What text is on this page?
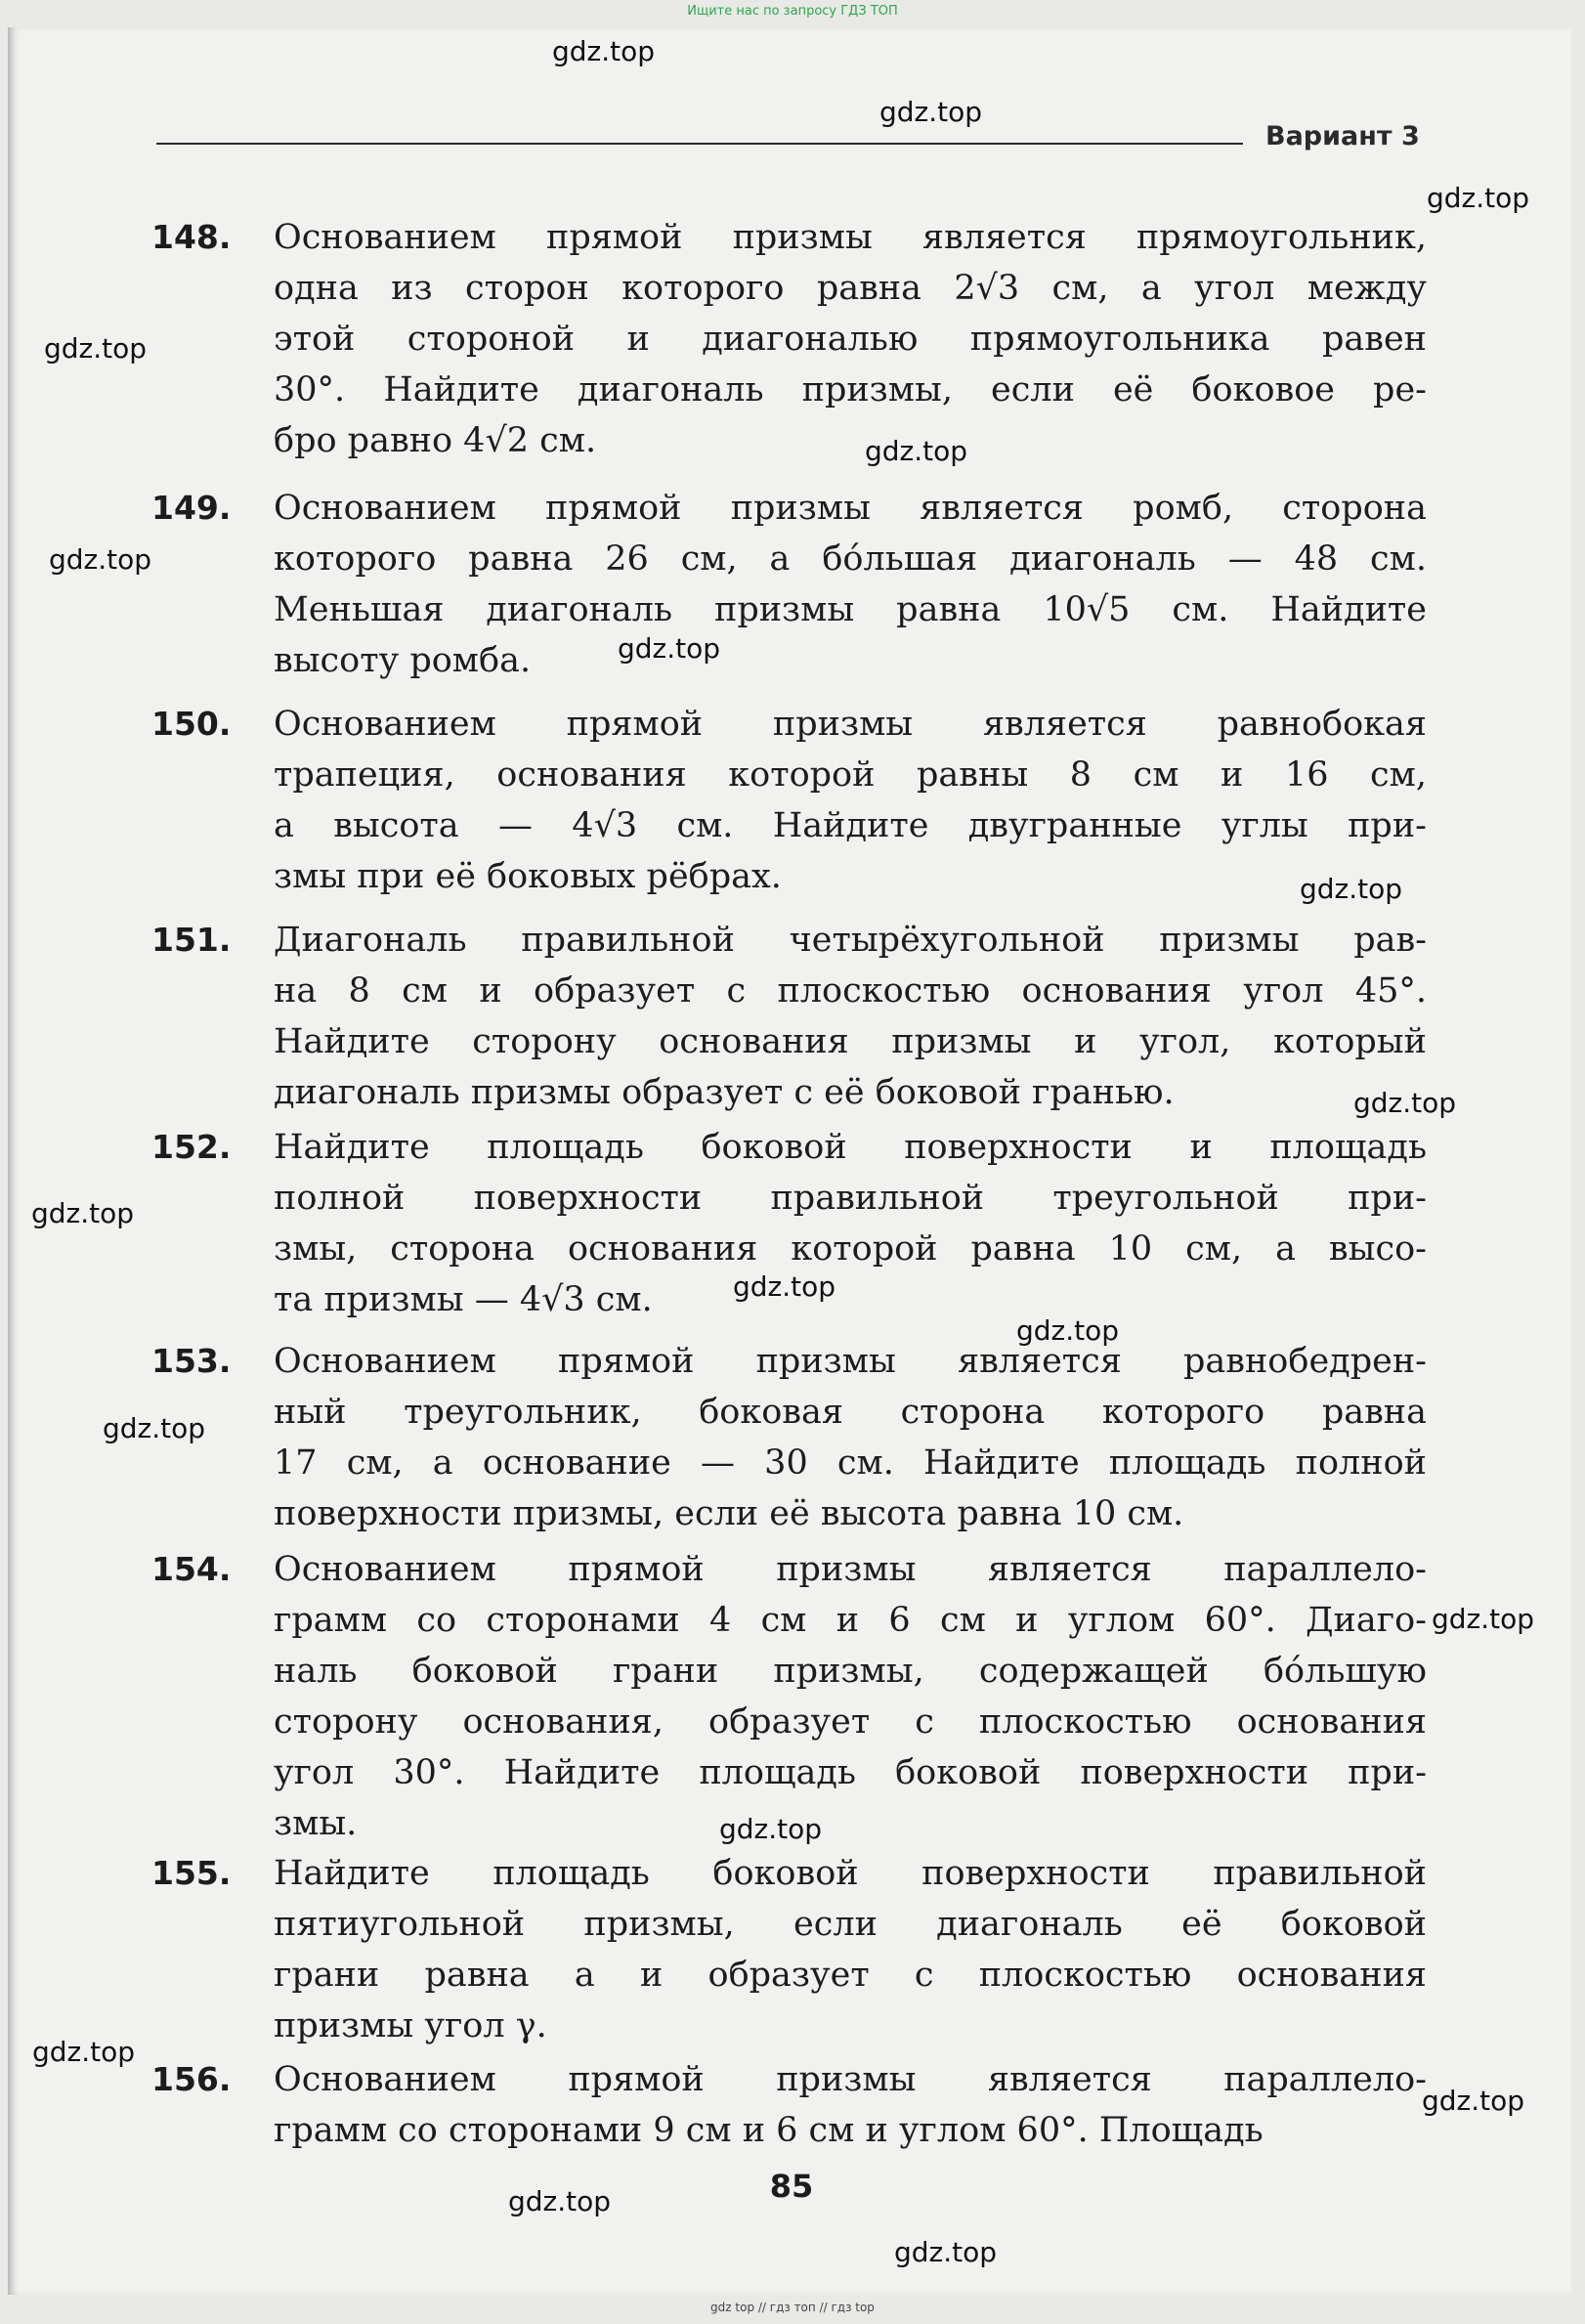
Ищите нас по запросу ГДЗ ТОП
Вариант 3
148.	Основанием прямой призмы является прямоугольник,
одна из сторон которого равна 2√3 см, а угол между
этой стороной и диагональю прямоугольника равен
30°. Найдите диагональ призмы, если её боковое ре-
бро равно 4√2 см.
149.	Основанием прямой призмы является ромб, сторона
которого равна 26 см, а бóльшая диагональ — 48 см.
Меньшая диагональ призмы равна 10√5 см. Найдите
высоту ромба.
150.	Основанием прямой призмы является равнобокая
трапеция, основания которой равны 8 см и 16 см,
а высота — 4√3 см. Найдите двугранные углы при-
змы при её боковых рёбрах.
151.	Диагональ правильной четырёхугольной призмы рав-
на 8 см и образует с плоскостью основания угол 45°.
Найдите сторону основания призмы и угол, который
диагональ призмы образует с её боковой гранью.
152.	Найдите площадь боковой поверхности и площадь
полной поверхности правильной треугольной при-
змы, сторона основания которой равна 10 см, а высо-
та призмы — 4√3 см.
153.	Основанием прямой призмы является равнобедрен-
ный треугольник, боковая сторона которого равна
17 см, а основание — 30 см. Найдите площадь полной
поверхности призмы, если её высота равна 10 см.
154.	Основанием прямой призмы является параллело-
грамм со сторонами 4 см и 6 см и углом 60°. Диаго-
наль боковой грани призмы, содержащей бóльшую
сторону основания, образует с плоскостью основания
угол 30°. Найдите площадь боковой поверхности при-
змы.
155.	Найдите площадь боковой поверхности правильной
пятиугольной призмы, если диагональ её боковой
грани равна a и образует с плоскостью основания
призмы угол γ.
156.	Основанием прямой призмы является параллело-
грамм со сторонами 9 см и 6 см и углом 60°. Площадь
85
gdz.top
gdz.top
gdz.top
gdz.top
gdz.top
gdz.top
gdz.top
gdz.top
gdz.top
gdz.top
gdz.top
gdz.top
gdz.top
gdz.top
gdz.top
gdz.top
gdz.top
gdz.top
gdz.top
gdz top // гдз топ // гдз top
